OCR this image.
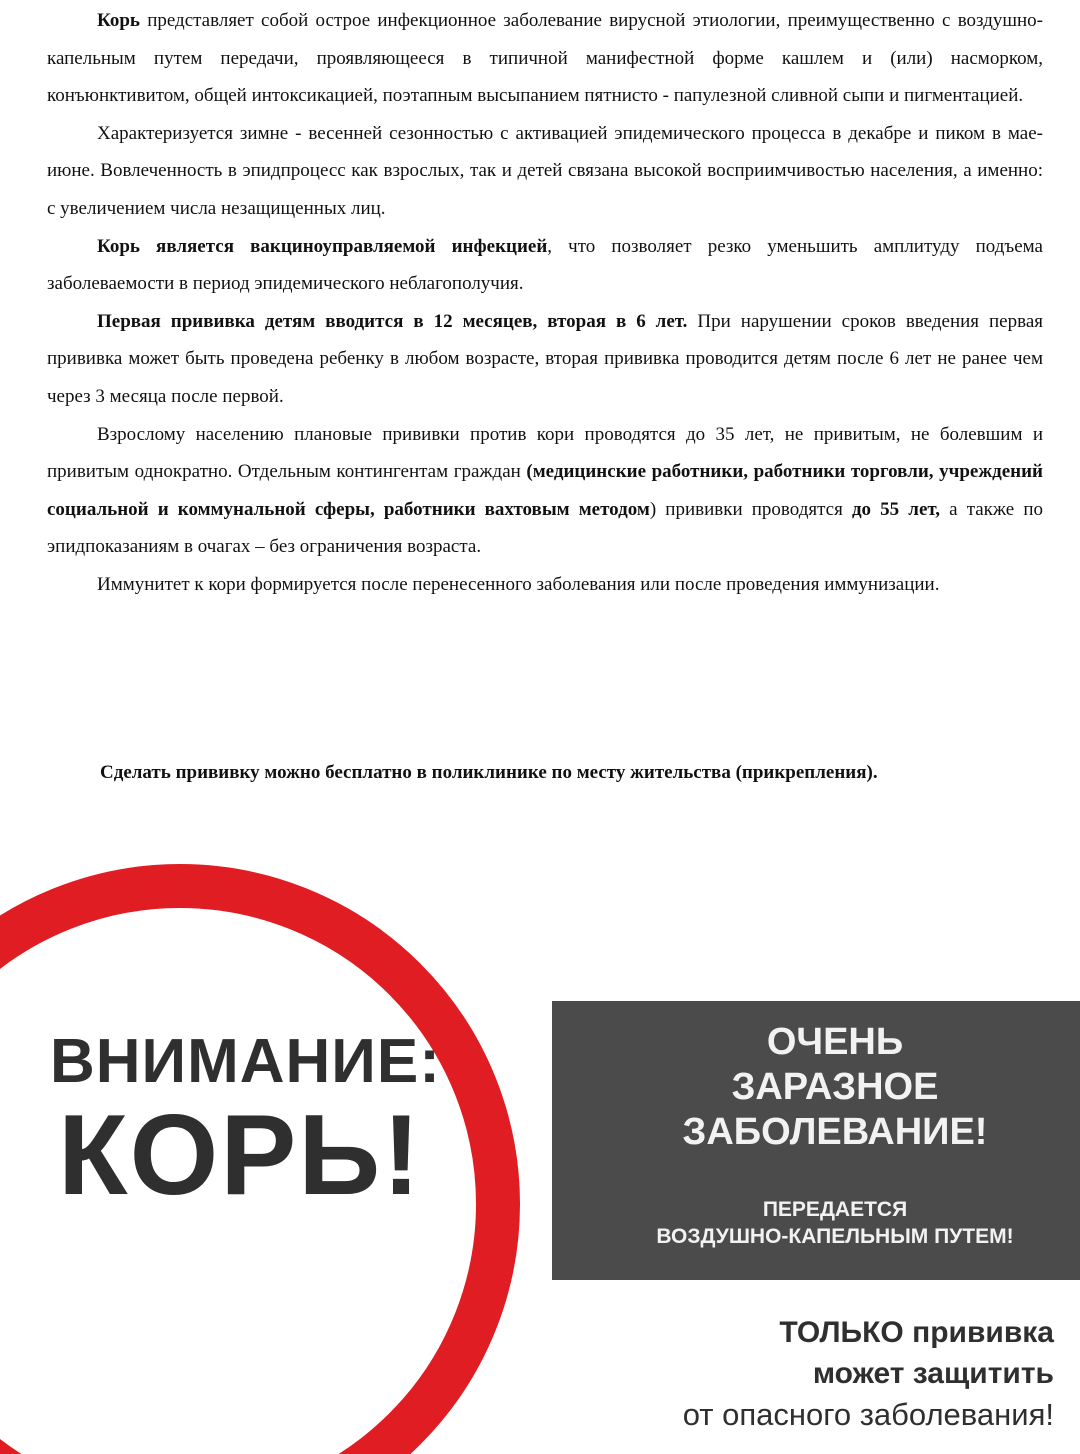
Корь представляет собой острое инфекционное заболевание вирусной этиологии, преимущественно с воздушно-капельным путем передачи, проявляющееся в типичной манифестной форме кашлем и (или) насморком, конъюнктивитом, общей интоксикацией, поэтапным высыпанием пятнисто - папулезной сливной сыпи и пигментацией.

Характеризуется зимне - весенней сезонностью с активацией эпидемического процесса в декабре и пиком в мае-июне. Вовлеченность в эпидпроцесс как взрослых, так и детей связана высокой восприимчивостью населения, а именно: с увеличением числа незащищенных лиц.

Корь является вакциноуправляемой инфекцией, что позволяет резко уменьшить амплитуду подъема заболеваемости в период эпидемического неблагополучия.

Первая прививка детям вводится в 12 месяцев, вторая в 6 лет. При нарушении сроков введения первая прививка может быть проведена ребенку в любом возрасте, вторая прививка проводится детям после 6 лет не ранее чем через 3 месяца после первой.

Взрослому населению плановые прививки против кори проводятся до 35 лет, не привитым, не болевшим и привитым однократно. Отдельным контингентам граждан (медицинские работники, работники торговли, учреждений социальной и коммунальной сферы, работники вахтовым методом) прививки проводятся до 55 лет, а также по эпидпоказаниям в очагах – без ограничения возраста.

Иммунитет к кори формируется после перенесенного заболевания или после проведения иммунизации.

Сделать прививку можно бесплатно в поликлинике по месту жительства (прикрепления).
ВНИМАНИЕ:
КОРЬ!
ОЧЕНЬ
ЗАРАЗНОЕ
ЗАБОЛЕВАНИЕ!
ПЕРЕДАЕТСЯ
ВОЗДУШНО-КАПЕЛЬНЫМ ПУТЕМ!
ТОЛЬКО прививка
может защитить
от опасного заболевания!
